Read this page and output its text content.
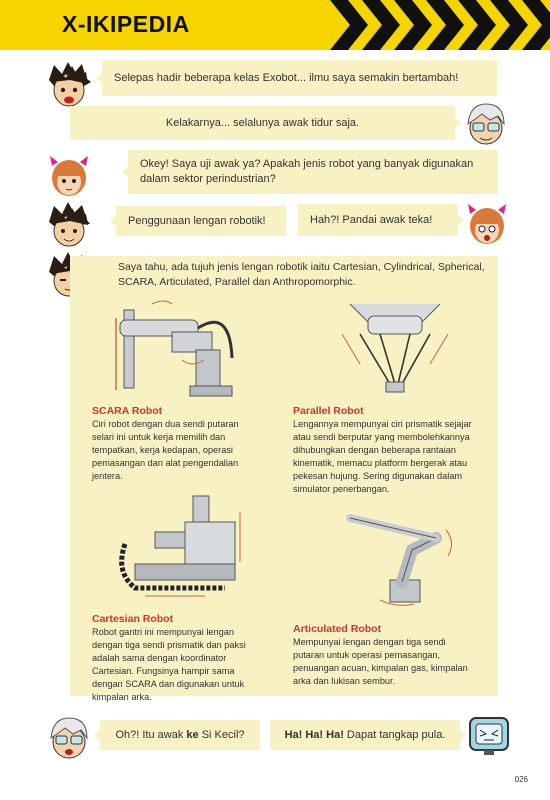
X-IKIPEDIA
Selepas hadir beberapa kelas Exobot... ilmu saya semakin bertambah!
Kelakarnya... selalunya awak tidur saja.
Okey! Saya uji awak ya? Apakah jenis robot yang banyak digunakan dalam sektor perindustrian?
Penggunaan lengan robotik!	Hah?! Pandai awak teka!
Saya tahu, ada tujuh jenis lengan robotik iaitu Cartesian, Cylindrical, Spherical, SCARA, Articulated, Parallel dan Anthropomorphic.
SCARA Robot
Ciri robot dengan dua sendi putaran selari ini untuk kerja memilih dan tempatkan, kerja kedapan, operasi pemasangan dan alat pengendalian jentera.
Parallel Robot
Lengannya mempunyai ciri prismatik sejajar atau sendi berputar yang membolehkannya dihubungkan dengan beberapa rantaian kinematik, memacu platform bergerak atau pekesan hujung. Sering digunakan dalam simulator penerbangan.
Cartesian Robot
Robot gantri ini mempunyai lengan dengan tiga sendi prismatik dan paksi adalah sama dengan koordinator Cartesian. Fungsinya hampir sama dengan SCARA dan digunakan untuk kimpalan arka.
Articulated Robot
Mempunyai lengan dengan tiga sendi putaran untuk operasi pemasangan, penuangan acuan, kimpalan gas, kimpalan arka dan lukisan sembur.
Oh?! Itu awak ke Si Kecil?	Ha! Ha! Ha! Dapat tangkap pula.
026
